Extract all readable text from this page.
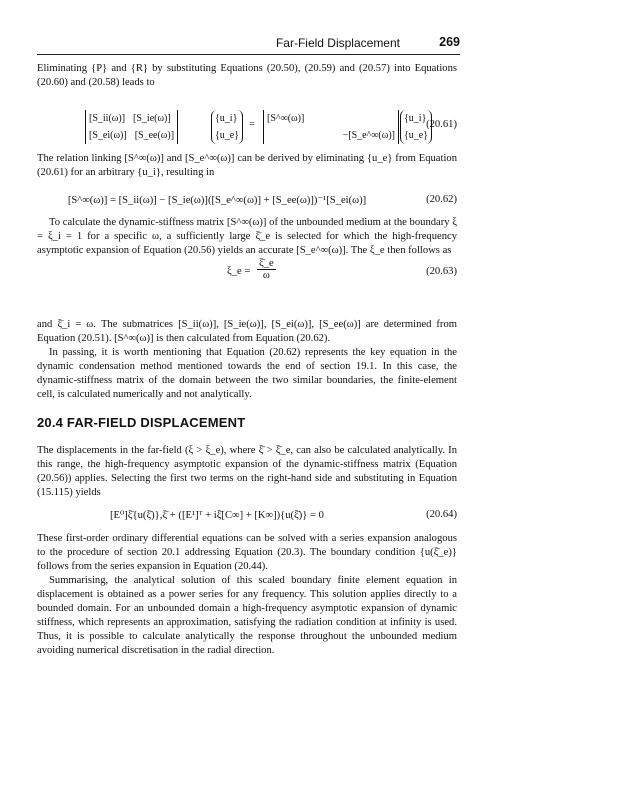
Far-Field Displacement	269

Eliminating {P} and {R} by substituting Equations (20.50), (20.59) and (20.57) into Equations (20.60) and (20.58) leads to

[S_ii(ω)] [S_ie(ω)]
[S_ei(ω)] [S_ee(ω)]
{u_i}
{u_e}
=
[S^∞(ω)]
−[S_e^∞(ω)]
{u_i}
{u_e}
(20.61)

The relation linking [S^∞(ω)] and [S_e^∞(ω)] can be derived by eliminating {u_e} from Equation (20.61) for an arbitrary {u_i}, resulting in

[S^∞(ω)] = [S_ii(ω)] − [S_ie(ω)]([S_e^∞(ω)] + [S_ee(ω)])⁻¹[S_ei(ω)]	(20.62)

To calculate the dynamic-stiffness matrix [S^∞(ω)] of the unbounded medium at the boundary ξ = ξ_i = 1 for a specific ω, a sufficiently large ξ̄_e is selected for which the high-frequency asymptotic expansion of Equation (20.56) yields an accurate [S_e^∞(ω)]. The ξ_e then follows as

ξ_e = $\frac{\xī\_e}{\omega}$	(20.63)

and ξ̄_i = ω. The submatrices [S_ii(ω)], [S_ie(ω)], [S_ei(ω)], [S_ee(ω)] are determined from Equation (20.51). [S^∞(ω)] is then calculated from Equation (20.62).

In passing, it is worth mentioning that Equation (20.62) represents the key equation in the dynamic condensation method mentioned towards the end of section 19.1. In this case, the dynamic-stiffness matrix of the domain between the two similar boundaries, the finite-element cell, is calculated numerically and not analytically.

20.4 FAR-FIELD DISPLACEMENT

The displacements in the far-field (ξ > ξ_e), where ξ̄ > ξ̄_e, can also be calculated analytically. In this range, the high-frequency asymptotic expansion of the dynamic-stiffness matrix (Equation (20.56)) applies. Selecting the first two terms on the right-hand side and substituting in Equation (15.115) yields

[E⁰]ξ̄{u(ξ̄)},ξ̄ + ([E¹]ᵀ + iξ̄[C∞] + [K∞]){u(ξ̄)} = 0	(20.64)

These first-order ordinary differential equations can be solved with a series expansion analogous to the procedure of section 20.1 addressing Equation (20.3). The boundary condition {u(ξ̄_e)} follows from the series expansion in Equation (20.44).

Summarising, the analytical solution of this scaled boundary finite element equation in displacement is obtained as a power series for any frequency. This solution applies directly to a bounded domain. For an unbounded domain a high-frequency asymptotic expansion of dynamic stiffness, which represents an approximation, satisfying the radiation condition at infinity is used. Thus, it is possible to calculate analytically the response throughout the unbounded medium avoiding numerical discretisation in the radial direction.
